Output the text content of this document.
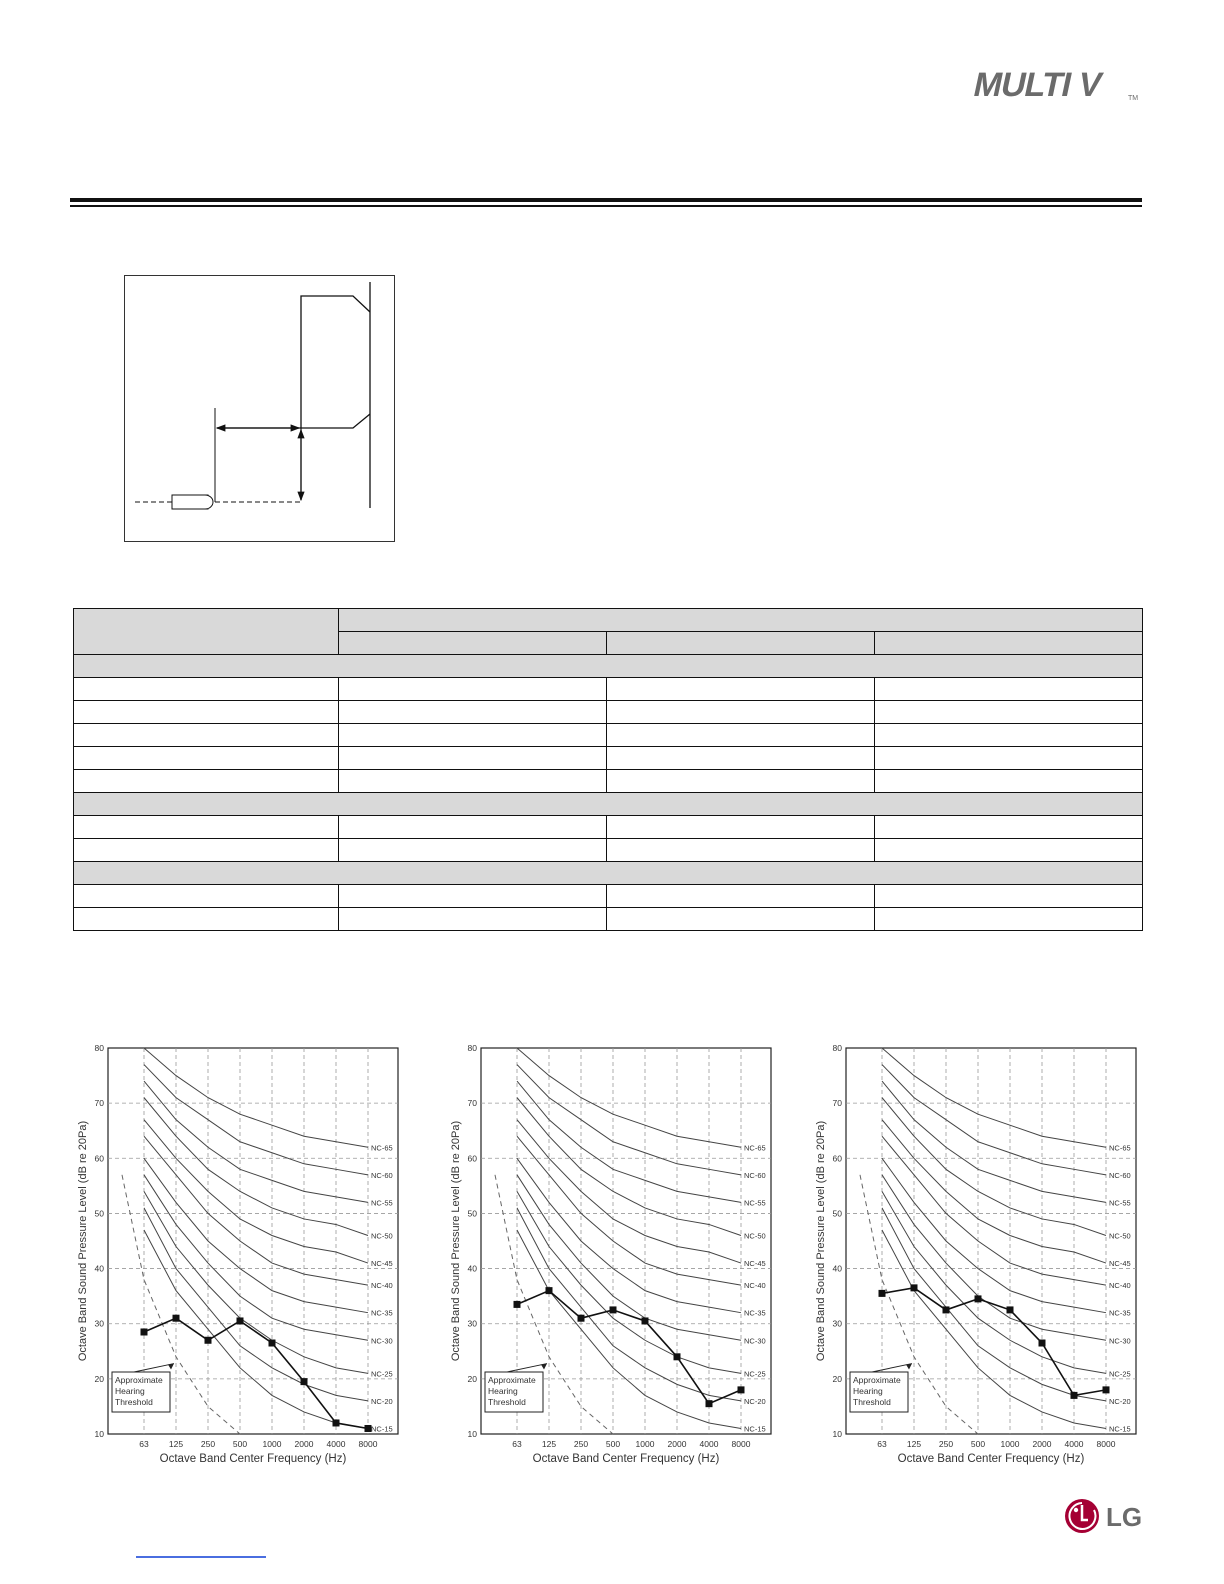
MULTI V	TM

10
20
30
40
50
60
70
80
63 125 250 500 1000 2000 4000 8000
NC-65
NC-60
NC-55
NC-50
NC-45
NC-40
NC-35
NC-30
NC-25
NC-20
NC-15
Approximate
Hearing
Threshold
Octave Band Center Frequency (Hz)
Octave Band Sound Pressure Level (dB re 20Pa)
10
20
30
40
50
60
70
80
63 125 250 500 1000 2000 4000 8000
NC-65
NC-60
NC-55
NC-50
NC-45
NC-40
NC-35
NC-30
NC-25
NC-20
NC-15
Approximate
Hearing
Threshold
Octave Band Center Frequency (Hz)
Octave Band Sound Pressure Level (dB re 20Pa)
10
20
30
40
50
60
70
80
63 125 250 500 1000 2000 4000 8000
NC-65
NC-60
NC-55
NC-50
NC-45
NC-40
NC-35
NC-30
NC-25
NC-20
NC-15
Approximate
Hearing
Threshold
Octave Band Center Frequency (Hz)
Octave Band Sound Pressure Level (dB re 20Pa)
LG
